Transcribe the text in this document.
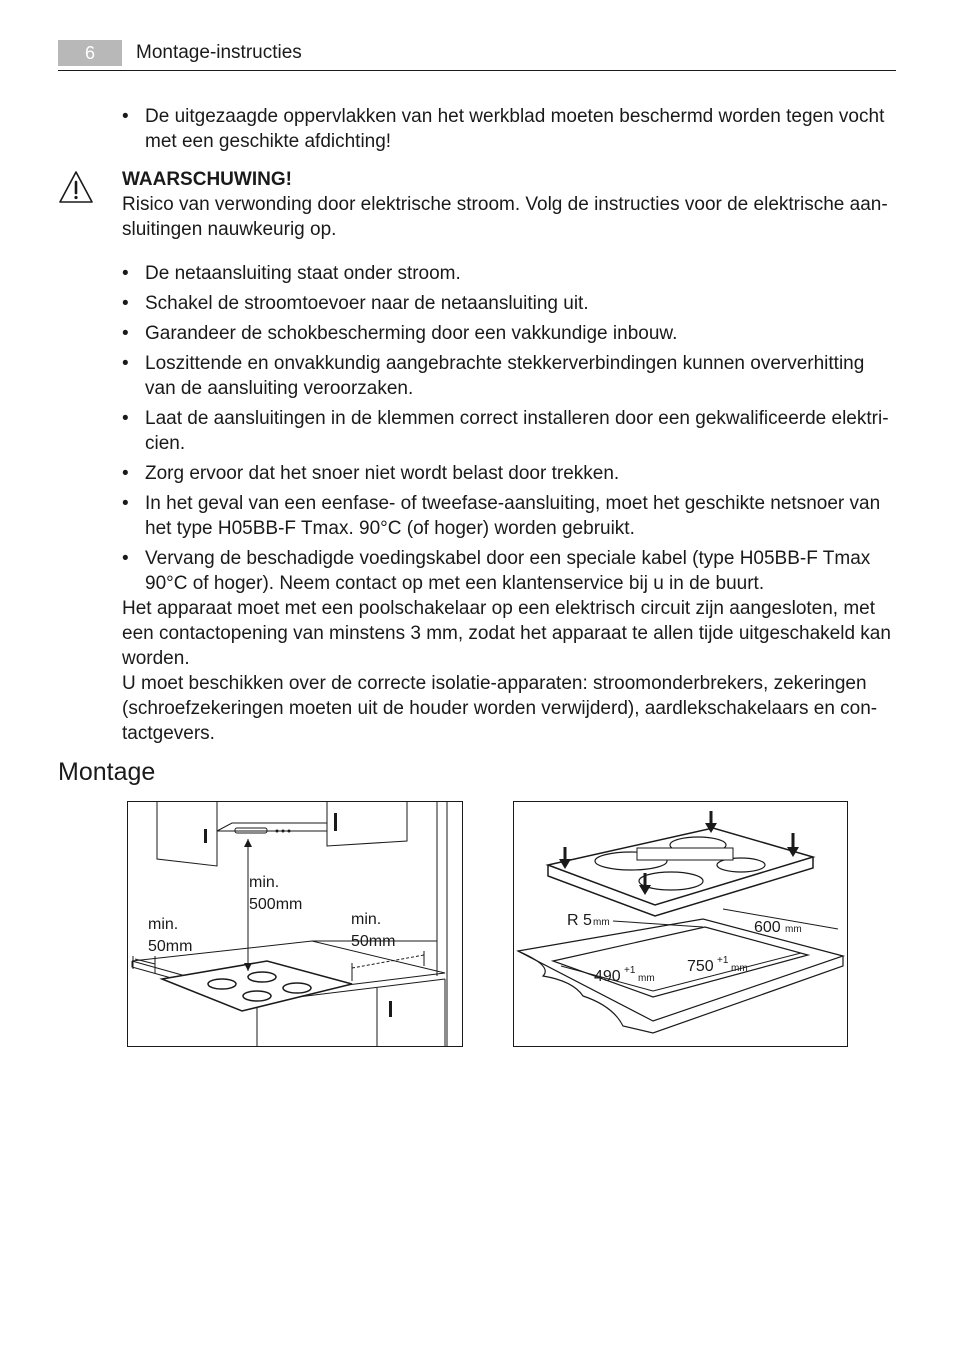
6	Montage-instructies
• De uitgezaagde oppervlakken van het werkblad moeten beschermd worden tegen vocht met een geschikte afdichting!
WAARSCHUWING!
Risico van verwonding door elektrische stroom. Volg de instructies voor de elektrische aan-sluitingen nauwkeurig op.
• De netaansluiting staat onder stroom.
• Schakel de stroomtoevoer naar de netaansluiting uit.
• Garandeer de schokbescherming door een vakkundige inbouw.
• Loszittende en onvakkundig aangebrachte stekkerverbindingen kunnen oververhitting van de aansluiting veroorzaken.
• Laat de aansluitingen in de klemmen correct installeren door een gekwalificeerde elektri-cien.
• Zorg ervoor dat het snoer niet wordt belast door trekken.
• In het geval van een eenfase- of tweefase-aansluiting, moet het geschikte netsnoer van het type H05BB-F Tmax. 90°C (of hoger) worden gebruikt.
• Vervang de beschadigde voedingskabel door een speciale kabel (type H05BB-F Tmax 90°C of hoger). Neem contact op met een klantenservice bij u in de buurt.
Het apparaat moet met een poolschakelaar op een elektrisch circuit zijn aangesloten, met een contactopening van minstens 3 mm, zodat het apparaat te allen tijde uitgeschakeld kan worden.
U moet beschikken over de correcte isolatie-apparaten: stroomonderbrekers, zekeringen (schroefzekeringen moeten uit de houder worden verwijderd), aardlekschakelaars en con-tactgevers.
Montage
min.
500mm
min.
50mm
min.
50mm
R 5 mm	600 mm
750 +1
mm
490 +1
mm
